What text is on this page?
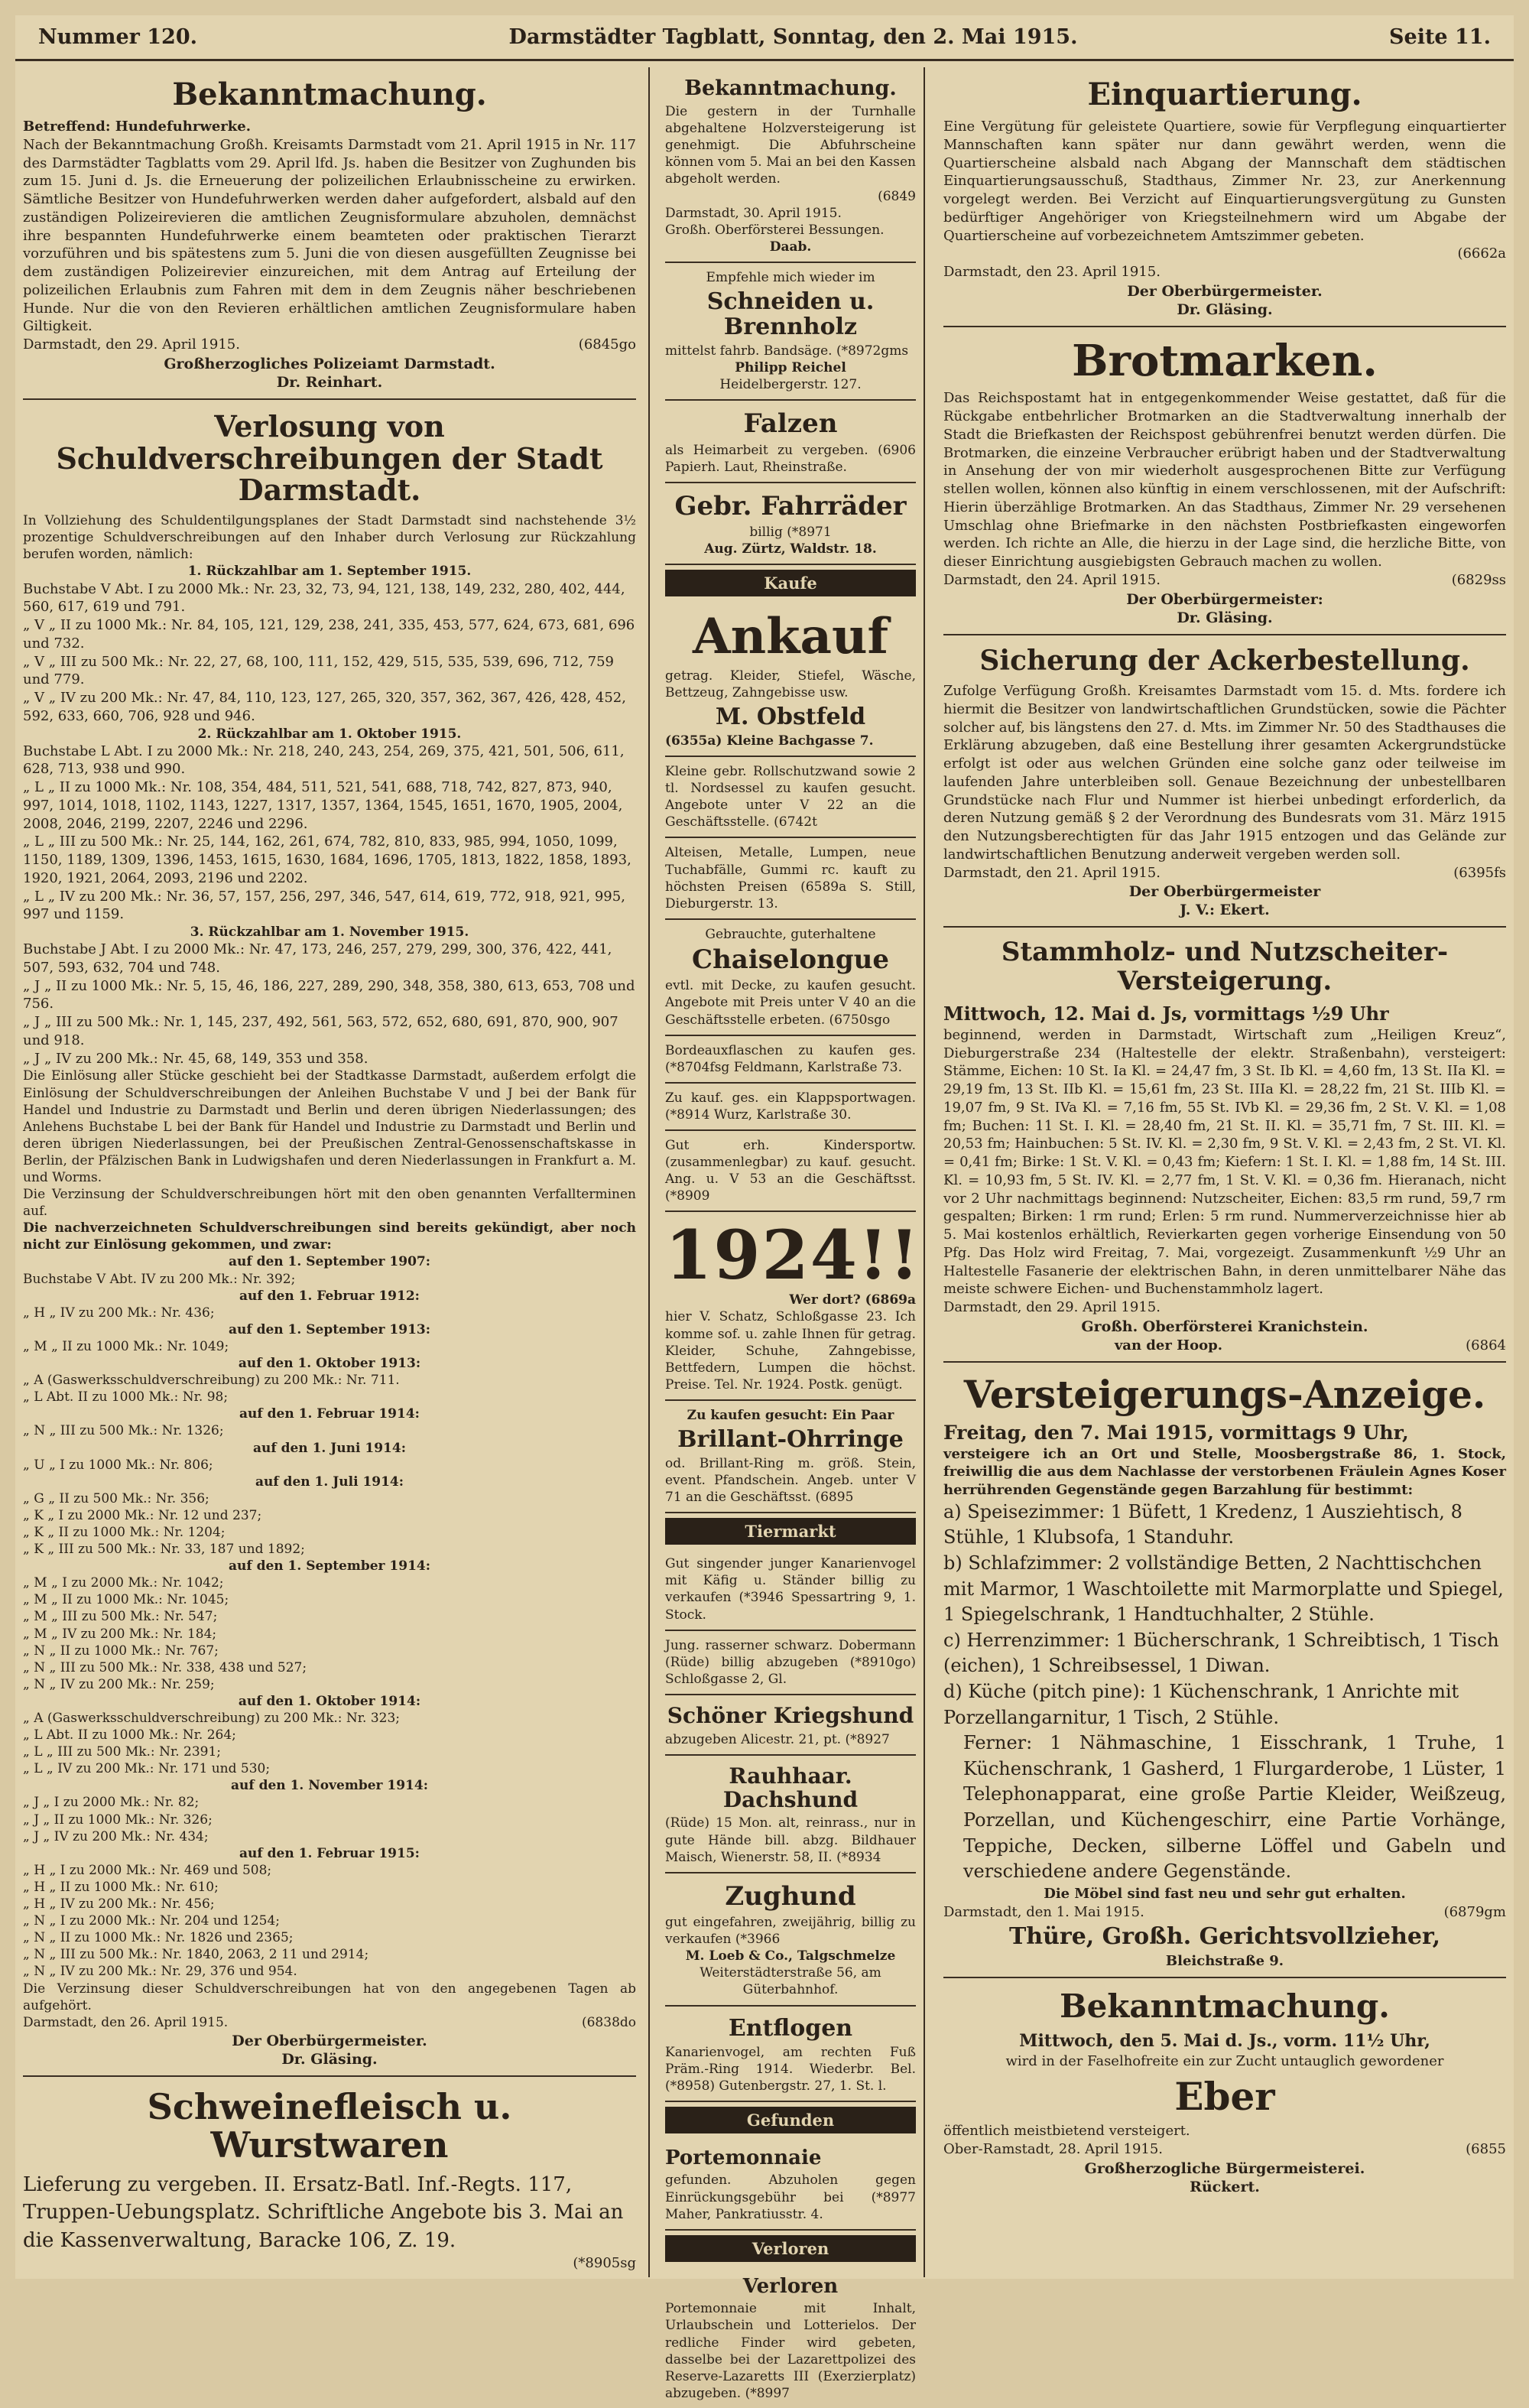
Nummer 120.	Darmstädter Tagblatt, Sonntag, den 2. Mai 1915.	Seite 11.
Bekanntmachung.
Betreffend: Hundefuhrwerke.
Nach der Bekanntmachung Großh. Kreisamts Darmstadt vom 21. April 1915 in Nr. 117 des Darmstädter Tagblatts vom 29. April lfd. Js. haben die Besitzer von Zughunden bis zum 15. Juni d. Js. die Erneuerung der polizeilichen Erlaubnisscheine zu erwirken. Sämtliche Besitzer von Hundefuhrwerken werden daher aufgefordert, alsbald auf den zuständigen Polizeirevieren die amtlichen Zeugnisformulare abzuholen, demnächst ihre bespannten Hundefuhrwerke einem beamteten oder praktischen Tierarzt vorzuführen und bis spätestens zum 5. Juni die von diesen ausgefüllten Zeugnisse bei dem zuständigen Polizeirevier einzureichen, mit dem Antrag auf Erteilung der polizeilichen Erlaubnis zum Fahren mit dem in dem Zeugnis näher beschriebenen Hunde. Nur die von den Revieren erhältlichen amtlichen Zeugnisformulare haben Giltigkeit.
Darmstadt, den 29. April 1915.	(6845go
Großherzogliches Polizeiamt Darmstadt.
Dr. Reinhart.
Verlosung von Schuldverschreibungen der Stadt Darmstadt.
In Vollziehung des Schuldentilgungsplanes der Stadt Darmstadt sind nachstehende 3½ prozentige Schuldverschreibungen auf den Inhaber durch Verlosung zur Rückzahlung berufen worden, nämlich:
1. Rückzahlbar am 1. September 1915.
Buchstabe V Abt. I zu 2000 Mk.: Nr. 23, 32, 73, 94, 121, 138, 149, 232, 280, 402, 444, 560, 617, 619 und 791.
„ V „ II zu 1000 Mk.: Nr. 84, 105, 121, 129, 238, 241, 335, 453, 577, 624, 673, 681, 696 und 732.
„ V „ III zu 500 Mk.: Nr. 22, 27, 68, 100, 111, 152, 429, 515, 535, 539, 696, 712, 759 und 779.
„ V „ IV zu 200 Mk.: Nr. 47, 84, 110, 123, 127, 265, 320, 357, 362, 367, 426, 428, 452, 592, 633, 660, 706, 928 und 946.
2. Rückzahlbar am 1. Oktober 1915.
Buchstabe L Abt. I zu 2000 Mk.: Nr. 218, 240, 243, 254, 269, 375, 421, 501, 506, 611, 628, 713, 938 und 990.
„ L „ II zu 1000 Mk.: Nr. 108, 354, 484, 511, 521, 541, 688, 718, 742, 827, 873, 940, 997, 1014, 1018, 1102, 1143, 1227, 1317, 1357, 1364, 1545, 1651, 1670, 1905, 2004, 2008, 2046, 2199, 2207, 2246 und 2296.
„ L „ III zu 500 Mk.: Nr. 25, 144, 162, 261, 674, 782, 810, 833, 985, 994, 1050, 1099, 1150, 1189, 1309, 1396, 1453, 1615, 1630, 1684, 1696, 1705, 1813, 1822, 1858, 1893, 1920, 1921, 2064, 2093, 2196 und 2202.
„ L „ IV zu 200 Mk.: Nr. 36, 57, 157, 256, 297, 346, 547, 614, 619, 772, 918, 921, 995, 997 und 1159.
3. Rückzahlbar am 1. November 1915.
Buchstabe J Abt. I zu 2000 Mk.: Nr. 47, 173, 246, 257, 279, 299, 300, 376, 422, 441, 507, 593, 632, 704 und 748.
„ J „ II zu 1000 Mk.: Nr. 5, 15, 46, 186, 227, 289, 290, 348, 358, 380, 613, 653, 708 und 756.
„ J „ III zu 500 Mk.: Nr. 1, 145, 237, 492, 561, 563, 572, 652, 680, 691, 870, 900, 907 und 918.
„ J „ IV zu 200 Mk.: Nr. 45, 68, 149, 353 und 358.
Die Einlösung aller Stücke geschieht bei der Stadtkasse Darmstadt, außerdem erfolgt die Einlösung der Schuldverschreibungen der Anleihen Buchstabe V und J bei der Bank für Handel und Industrie zu Darmstadt und Berlin und deren übrigen Niederlassungen; des Anlehens Buchstabe L bei der Bank für Handel und Industrie zu Darmstadt und Berlin und deren übrigen Niederlassungen, bei der Preußischen Zentral-Genossenschaftskasse in Berlin, der Pfälzischen Bank in Ludwigshafen und deren Niederlassungen in Frankfurt a. M. und Worms.
Die Verzinsung der Schuldverschreibungen hört mit den oben genannten Verfallterminen auf.
Die nachverzeichneten Schuldverschreibungen sind bereits gekündigt, aber noch nicht zur Einlösung gekommen, und zwar:
auf den 1. September 1907:
Buchstabe V Abt. IV zu 200 Mk.: Nr. 392;
auf den 1. Februar 1912:
„ H „ IV zu 200 Mk.: Nr. 436;
auf den 1. September 1913:
„ M „ II zu 1000 Mk.: Nr. 1049;
auf den 1. Oktober 1913:
„ A (Gaswerksschuldverschreibung) zu 200 Mk.: Nr. 711.
„ L Abt. II zu 1000 Mk.: Nr. 98;
auf den 1. Februar 1914:
„ N „ III zu 500 Mk.: Nr. 1326;
auf den 1. Juni 1914:
„ U „ I zu 1000 Mk.: Nr. 806;
auf den 1. Juli 1914:
„ G „ II zu 500 Mk.: Nr. 356;
„ K „ I zu 2000 Mk.: Nr. 12 und 237;
„ K „ II zu 1000 Mk.: Nr. 1204;
„ K „ III zu 500 Mk.: Nr. 33, 187 und 1892;
auf den 1. September 1914:
„ M „ I zu 2000 Mk.: Nr. 1042;
„ M „ II zu 1000 Mk.: Nr. 1045;
„ M „ III zu 500 Mk.: Nr. 547;
„ M „ IV zu 200 Mk.: Nr. 184;
„ N „ II zu 1000 Mk.: Nr. 767;
„ N „ III zu 500 Mk.: Nr. 338, 438 und 527;
„ N „ IV zu 200 Mk.: Nr. 259;
auf den 1. Oktober 1914:
„ A (Gaswerksschuldverschreibung) zu 200 Mk.: Nr. 323;
„ L Abt. II zu 1000 Mk.: Nr. 264;
„ L „ III zu 500 Mk.: Nr. 2391;
„ L „ IV zu 200 Mk.: Nr. 171 und 530;
auf den 1. November 1914:
„ J „ I zu 2000 Mk.: Nr. 82;
„ J „ II zu 1000 Mk.: Nr. 326;
„ J „ IV zu 200 Mk.: Nr. 434;
auf den 1. Februar 1915:
„ H „ I zu 2000 Mk.: Nr. 469 und 508;
„ H „ II zu 1000 Mk.: Nr. 610;
„ H „ IV zu 200 Mk.: Nr. 456;
„ N „ I zu 2000 Mk.: Nr. 204 und 1254;
„ N „ II zu 1000 Mk.: Nr. 1826 und 2365;
„ N „ III zu 500 Mk.: Nr. 1840, 2063, 2 11 und 2914;
„ N „ IV zu 200 Mk.: Nr. 29, 376 und 954.
Die Verzinsung dieser Schuldverschreibungen hat von den angegebenen Tagen ab aufgehört.
Darmstadt, den 26. April 1915.	(6838do
Der Oberbürgermeister.
Dr. Gläsing.
Schweinefleisch u. Wurstwaren
Lieferung zu vergeben. II. Ersatz-Batl. Inf.-Regts. 117, Truppen-Uebungsplatz. Schriftliche Angebote bis 3. Mai an die Kassenverwaltung, Baracke 106, Z. 19.
(*8905sg
Bekanntmachung.
Die gestern in der Turnhalle abgehaltene Holzversteigerung ist genehmigt. Die Abfuhrscheine können vom 5. Mai an bei den Kassen abgeholt werden.
(6849
Darmstadt, 30. April 1915.
Großh. Oberförsterei Bessungen.
Daab.
Empfehle mich wieder im
Schneiden u. Brennholz
mittelst fahrb. Bandsäge. (*8972gms
Philipp Reichel
Heidelbergerstr. 127.
Falzen
als Heimarbeit zu vergeben. (6906 Papierh. Laut, Rheinstraße.
Gebr. Fahrräder
billig (*8971
Aug. Zürtz, Waldstr. 18.
Kaufe
Ankauf
getrag. Kleider, Stiefel, Wäsche, Bettzeug, Zahngebisse usw.
M. Obstfeld
(6355a) Kleine Bachgasse 7.
Kleine gebr. Rollschutzwand sowie 2 tl. Nordsessel zu kaufen gesucht. Angebote unter V 22 an die Geschäftsstelle. (6742t
Alteisen, Metalle, Lumpen, neue Tuchabfälle, Gummi rc. kauft zu höchsten Preisen (6589a S. Still, Dieburgerstr. 13.
Gebrauchte, guterhaltene
Chaiselongue
evtl. mit Decke, zu kaufen gesucht. Angebote mit Preis unter V 40 an die Geschäftsstelle erbeten. (6750sgo
Bordeauxflaschen zu kaufen ges. (*8704fsg Feldmann, Karlstraße 73.
Zu kauf. ges. ein Klappsportwagen. (*8914 Wurz, Karlstraße 30.
Gut erh. Kindersportw. (zusammenlegbar) zu kauf. gesucht. Ang. u. V 53 an die Geschäftsst. (*8909
1924!!
Wer dort? (6869a
hier V. Schatz, Schloßgasse 23. Ich komme sof. u. zahle Ihnen für getrag. Kleider, Schuhe, Zahngebisse, Bettfedern, Lumpen die höchst. Preise. Tel. Nr. 1924. Postk. genügt.
Zu kaufen gesucht: Ein Paar
Brillant-Ohrringe
od. Brillant-Ring m. größ. Stein, event. Pfandschein. Angeb. unter V 71 an die Geschäftsst. (6895
Tiermarkt
Gut singender junger Kanarienvogel mit Käfig u. Ständer billig zu verkaufen (*3946 Spessartring 9, 1. Stock.
Jung. rasserner schwarz. Dobermann (Rüde) billig abzugeben (*8910go) Schloßgasse 2, Gl.
Schöner Kriegshund
abzugeben Alicestr. 21, pt. (*8927
Rauhhaar. Dachshund
(Rüde) 15 Mon. alt, reinrass., nur in gute Hände bill. abzg. Bildhauer Maisch, Wienerstr. 58, II. (*8934
Zughund
gut eingefahren, zweijährig, billig zu verkaufen (*3966
M. Loeb & Co., Talgschmelze
Weiterstädterstraße 56, am Güterbahnhof.
Entflogen
Kanarienvogel, am rechten Fuß Präm.-Ring 1914. Wiederbr. Bel. (*8958) Gutenbergstr. 27, 1. St. l.
Gefunden
Portemonnaie
gefunden. Abzuholen gegen Einrückungsgebühr bei (*8977 Maher, Pankratiusstr. 4.
Verloren
Verloren
Portemonnaie mit Inhalt, Urlaubschein und Lotterielos. Der redliche Finder wird gebeten, dasselbe bei der Lazarettpolizei des Reserve-Lazaretts III (Exerzierplatz) abzugeben. (*8997
Einquartierung.
Eine Vergütung für geleistete Quartiere, sowie für Verpflegung einquartierter Mannschaften kann später nur dann gewährt werden, wenn die Quartierscheine alsbald nach Abgang der Mannschaft dem städtischen Einquartierungsausschuß, Stadthaus, Zimmer Nr. 23, zur Anerkennung vorgelegt werden. Bei Verzicht auf Einquartierungsvergütung zu Gunsten bedürftiger Angehöriger von Kriegsteilnehmern wird um Abgabe der Quartierscheine auf vorbezeichnetem Amtszimmer gebeten.
(6662a
Darmstadt, den 23. April 1915.
Der Oberbürgermeister.
Dr. Gläsing.
Brotmarken.
Das Reichspostamt hat in entgegenkommender Weise gestattet, daß für die Rückgabe entbehrlicher Brotmarken an die Stadtverwaltung innerhalb der Stadt die Briefkasten der Reichspost gebührenfrei benutzt werden dürfen. Die Brotmarken, die einzeine Verbraucher erübrigt haben und der Stadtverwaltung in Ansehung der von mir wiederholt ausgesprochenen Bitte zur Verfügung stellen wollen, können also künftig in einem verschlossenen, mit der Aufschrift: Hierin überzählige Brotmarken. An das Stadthaus, Zimmer Nr. 29 versehenen Umschlag ohne Briefmarke in den nächsten Postbriefkasten eingeworfen werden. Ich richte an Alle, die hierzu in der Lage sind, die herzliche Bitte, von dieser Einrichtung ausgiebigsten Gebrauch machen zu wollen.
Darmstadt, den 24. April 1915.	(6829ss
Der Oberbürgermeister:
Dr. Gläsing.
Sicherung der Ackerbestellung.
Zufolge Verfügung Großh. Kreisamtes Darmstadt vom 15. d. Mts. fordere ich hiermit die Besitzer von landwirtschaftlichen Grundstücken, sowie die Pächter solcher auf, bis längstens den 27. d. Mts. im Zimmer Nr. 50 des Stadthauses die Erklärung abzugeben, daß eine Bestellung ihrer gesamten Ackergrundstücke erfolgt ist oder aus welchen Gründen eine solche ganz oder teilweise im laufenden Jahre unterbleiben soll. Genaue Bezeichnung der unbestellbaren Grundstücke nach Flur und Nummer ist hierbei unbedingt erforderlich, da deren Nutzung gemäß § 2 der Verordnung des Bundesrats vom 31. März 1915 den Nutzungsberechtigten für das Jahr 1915 entzogen und das Gelände zur landwirtschaftlichen Benutzung anderweit vergeben werden soll.
Darmstadt, den 21. April 1915.	(6395fs
Der Oberbürgermeister
J. V.: Ekert.
Stammholz- und Nutzscheiter-Versteigerung.
Mittwoch, 12. Mai d. Js, vormittags ½9 Uhr
beginnend, werden in Darmstadt, Wirtschaft zum „Heiligen Kreuz“, Dieburgerstraße 234 (Haltestelle der elektr. Straßenbahn), versteigert: Stämme, Eichen: 10 St. Ia Kl. = 24,47 fm, 3 St. Ib Kl. = 4,60 fm, 13 St. IIa Kl. = 29,19 fm, 13 St. IIb Kl. = 15,61 fm, 23 St. IIIa Kl. = 28,22 fm, 21 St. IIIb Kl. = 19,07 fm, 9 St. IVa Kl. = 7,16 fm, 55 St. IVb Kl. = 29,36 fm, 2 St. V. Kl. = 1,08 fm; Buchen: 11 St. I. Kl. = 28,40 fm, 21 St. II. Kl. = 35,71 fm, 7 St. III. Kl. = 20,53 fm; Hainbuchen: 5 St. IV. Kl. = 2,30 fm, 9 St. V. Kl. = 2,43 fm, 2 St. VI. Kl. = 0,41 fm; Birke: 1 St. V. Kl. = 0,43 fm; Kiefern: 1 St. I. Kl. = 1,88 fm, 14 St. III. Kl. = 10,93 fm, 5 St. IV. Kl. = 2,77 fm, 1 St. V. Kl. = 0,36 fm. Hieranach, nicht vor 2 Uhr nachmittags beginnend: Nutzscheiter, Eichen: 83,5 rm rund, 59,7 rm gespalten; Birken: 1 rm rund; Erlen: 5 rm rund. Nummerverzeichnisse hier ab 5. Mai kostenlos erhältlich, Revierkarten gegen vorherige Einsendung von 50 Pfg. Das Holz wird Freitag, 7. Mai, vorgezeigt. Zusammenkunft ½9 Uhr an Haltestelle Fasanerie der elektrischen Bahn, in deren unmittelbarer Nähe das meiste schwere Eichen- und Buchenstammholz lagert.
Darmstadt, den 29. April 1915.
Großh. Oberförsterei Kranichstein.
van der Hoop.	(6864
Versteigerungs-Anzeige.
Freitag, den 7. Mai 1915, vormittags 9 Uhr,
versteigere ich an Ort und Stelle, Moosbergstraße 86, 1. Stock, freiwillig die aus dem Nachlasse der verstorbenen Fräulein Agnes Koser herrührenden Gegenstände gegen Barzahlung für bestimmt:
a) Speisezimmer: 1 Büfett, 1 Kredenz, 1 Ausziehtisch, 8 Stühle, 1 Klubsofa, 1 Standuhr.
b) Schlafzimmer: 2 vollständige Betten, 2 Nachttischchen mit Marmor, 1 Waschtoilette mit Marmorplatte und Spiegel, 1 Spiegelschrank, 1 Handtuchhalter, 2 Stühle.
c) Herrenzimmer: 1 Bücherschrank, 1 Schreibtisch, 1 Tisch (eichen), 1 Schreibsessel, 1 Diwan.
d) Küche (pitch pine): 1 Küchenschrank, 1 Anrichte mit Porzellangarnitur, 1 Tisch, 2 Stühle.
Ferner: 1 Nähmaschine, 1 Eisschrank, 1 Truhe, 1 Küchenschrank, 1 Gasherd, 1 Flurgarderobe, 1 Lüster, 1 Telephonapparat, eine große Partie Kleider, Weißzeug, Porzellan, und Küchengeschirr, eine Partie Vorhänge, Teppiche, Decken, silberne Löffel und Gabeln und verschiedene andere Gegenstände.
Die Möbel sind fast neu und sehr gut erhalten.
Darmstadt, den 1. Mai 1915.	(6879gm
Thüre, Großh. Gerichtsvollzieher,
Bleichstraße 9.
Bekanntmachung.
Mittwoch, den 5. Mai d. Js., vorm. 11½ Uhr,
wird in der Faselhofreite ein zur Zucht untauglich gewordener
Eber
öffentlich meistbietend versteigert.
Ober-Ramstadt, 28. April 1915.	(6855
Großherzogliche Bürgermeisterei.
Rückert.
